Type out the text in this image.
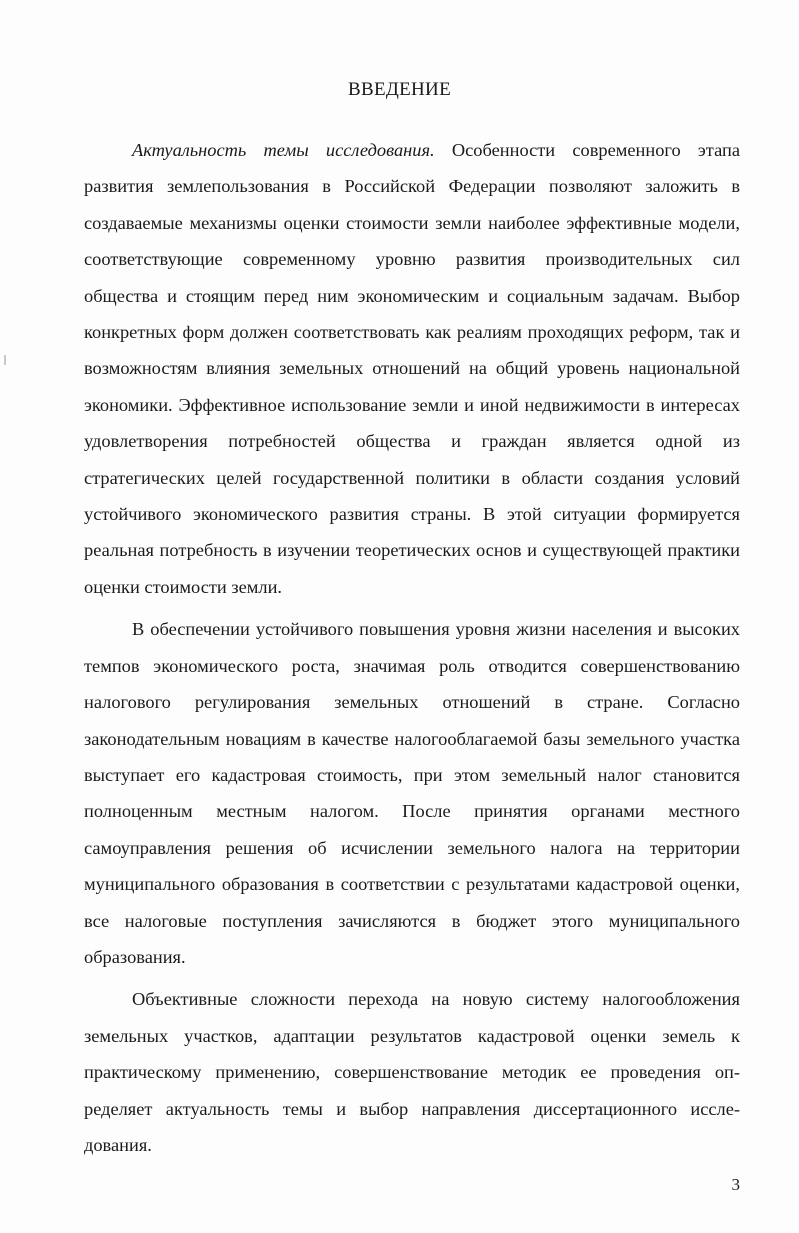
ВВЕДЕНИЕ

Актуальность темы исследования. Особенности современного этапа развития землепользования в Российской Федерации позволяют заложить в создаваемые механизмы оценки стоимости земли наиболее эффективные модели, соответствующие современному уровню развития производительных сил общества и стоящим перед ним экономическим и социальным задачам. Выбор конкретных форм должен соответствовать как реалиям проходящих реформ, так и возможностям влияния земельных отношений на общий уровень национальной экономики. Эффективное использование земли и иной недвижимости в интересах удовлетворения потребностей общества и граждан является одной из стратегических целей государственной политики в области создания условий устойчивого экономического развития страны. В этой ситуации формируется реальная потребность в изучении теоретических основ и существующей практики оценки стоимости земли.

В обеспечении устойчивого повышения уровня жизни населения и высоких темпов экономического роста, значимая роль отводится совершенствованию налогового регулирования земельных отношений в стране. Согласно законодательным новациям в качестве налогооблагаемой базы земельного участка выступает его кадастровая стоимость, при этом земельный налог становится полноценным местным налогом. После принятия органами местного самоуправления решения об исчислении земельного налога на территории муниципального образования в соответствии с результатами кадастровой оценки, все налоговые поступления зачисляются в бюджет этого муниципального образования.

Объективные сложности перехода на новую систему налогообложения земельных участков, адаптации результатов кадастровой оценки земель к практическому применению, совершенствование методик ее проведения определяет актуальность темы и выбор направления диссертационного исследования.

3
